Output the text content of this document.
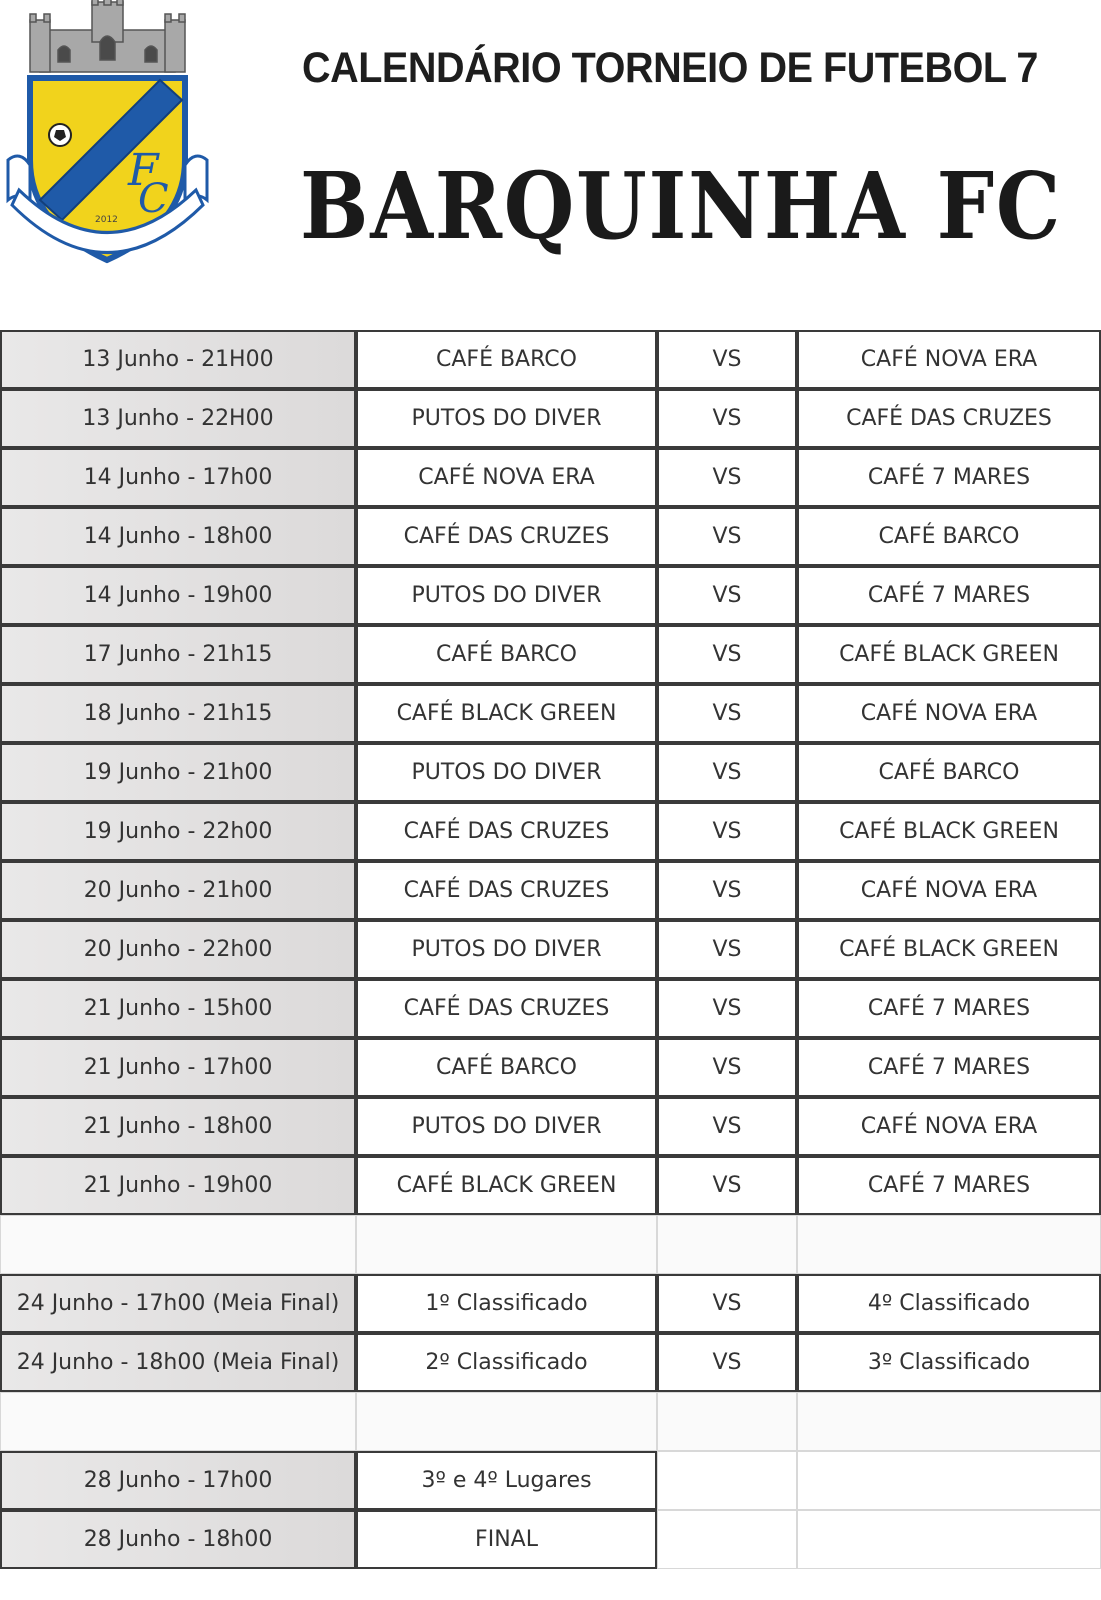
F
C
2012
CALENDÁRIO TORNEIO DE FUTEBOL 7
BARQUINHA FC
13 Junho - 21H00	CAFÉ BARCO	VS	CAFÉ NOVA ERA
13 Junho - 22H00	PUTOS DO DIVER	VS	CAFÉ DAS CRUZES
14 Junho - 17h00	CAFÉ NOVA ERA	VS	CAFÉ 7 MARES
14 Junho - 18h00	CAFÉ DAS CRUZES	VS	CAFÉ BARCO
14 Junho - 19h00	PUTOS DO DIVER	VS	CAFÉ 7 MARES
17 Junho - 21h15	CAFÉ BARCO	VS	CAFÉ BLACK GREEN
18 Junho - 21h15	CAFÉ BLACK GREEN	VS	CAFÉ NOVA ERA
19 Junho - 21h00	PUTOS DO DIVER	VS	CAFÉ BARCO
19 Junho - 22h00	CAFÉ DAS CRUZES	VS	CAFÉ BLACK GREEN
20 Junho - 21h00	CAFÉ DAS CRUZES	VS	CAFÉ NOVA ERA
20 Junho - 22h00	PUTOS DO DIVER	VS	CAFÉ BLACK GREEN
21 Junho - 15h00	CAFÉ DAS CRUZES	VS	CAFÉ 7 MARES
21 Junho - 17h00	CAFÉ BARCO	VS	CAFÉ 7 MARES
21 Junho - 18h00	PUTOS DO DIVER	VS	CAFÉ NOVA ERA
21 Junho - 19h00	CAFÉ BLACK GREEN	VS	CAFÉ 7 MARES
24 Junho - 17h00 (Meia Final)	1º Classificado	VS	4º Classificado
24 Junho - 18h00 (Meia Final)	2º Classificado	VS	3º Classificado
28 Junho - 17h00	3º e 4º Lugares
28 Junho - 18h00	FINAL
